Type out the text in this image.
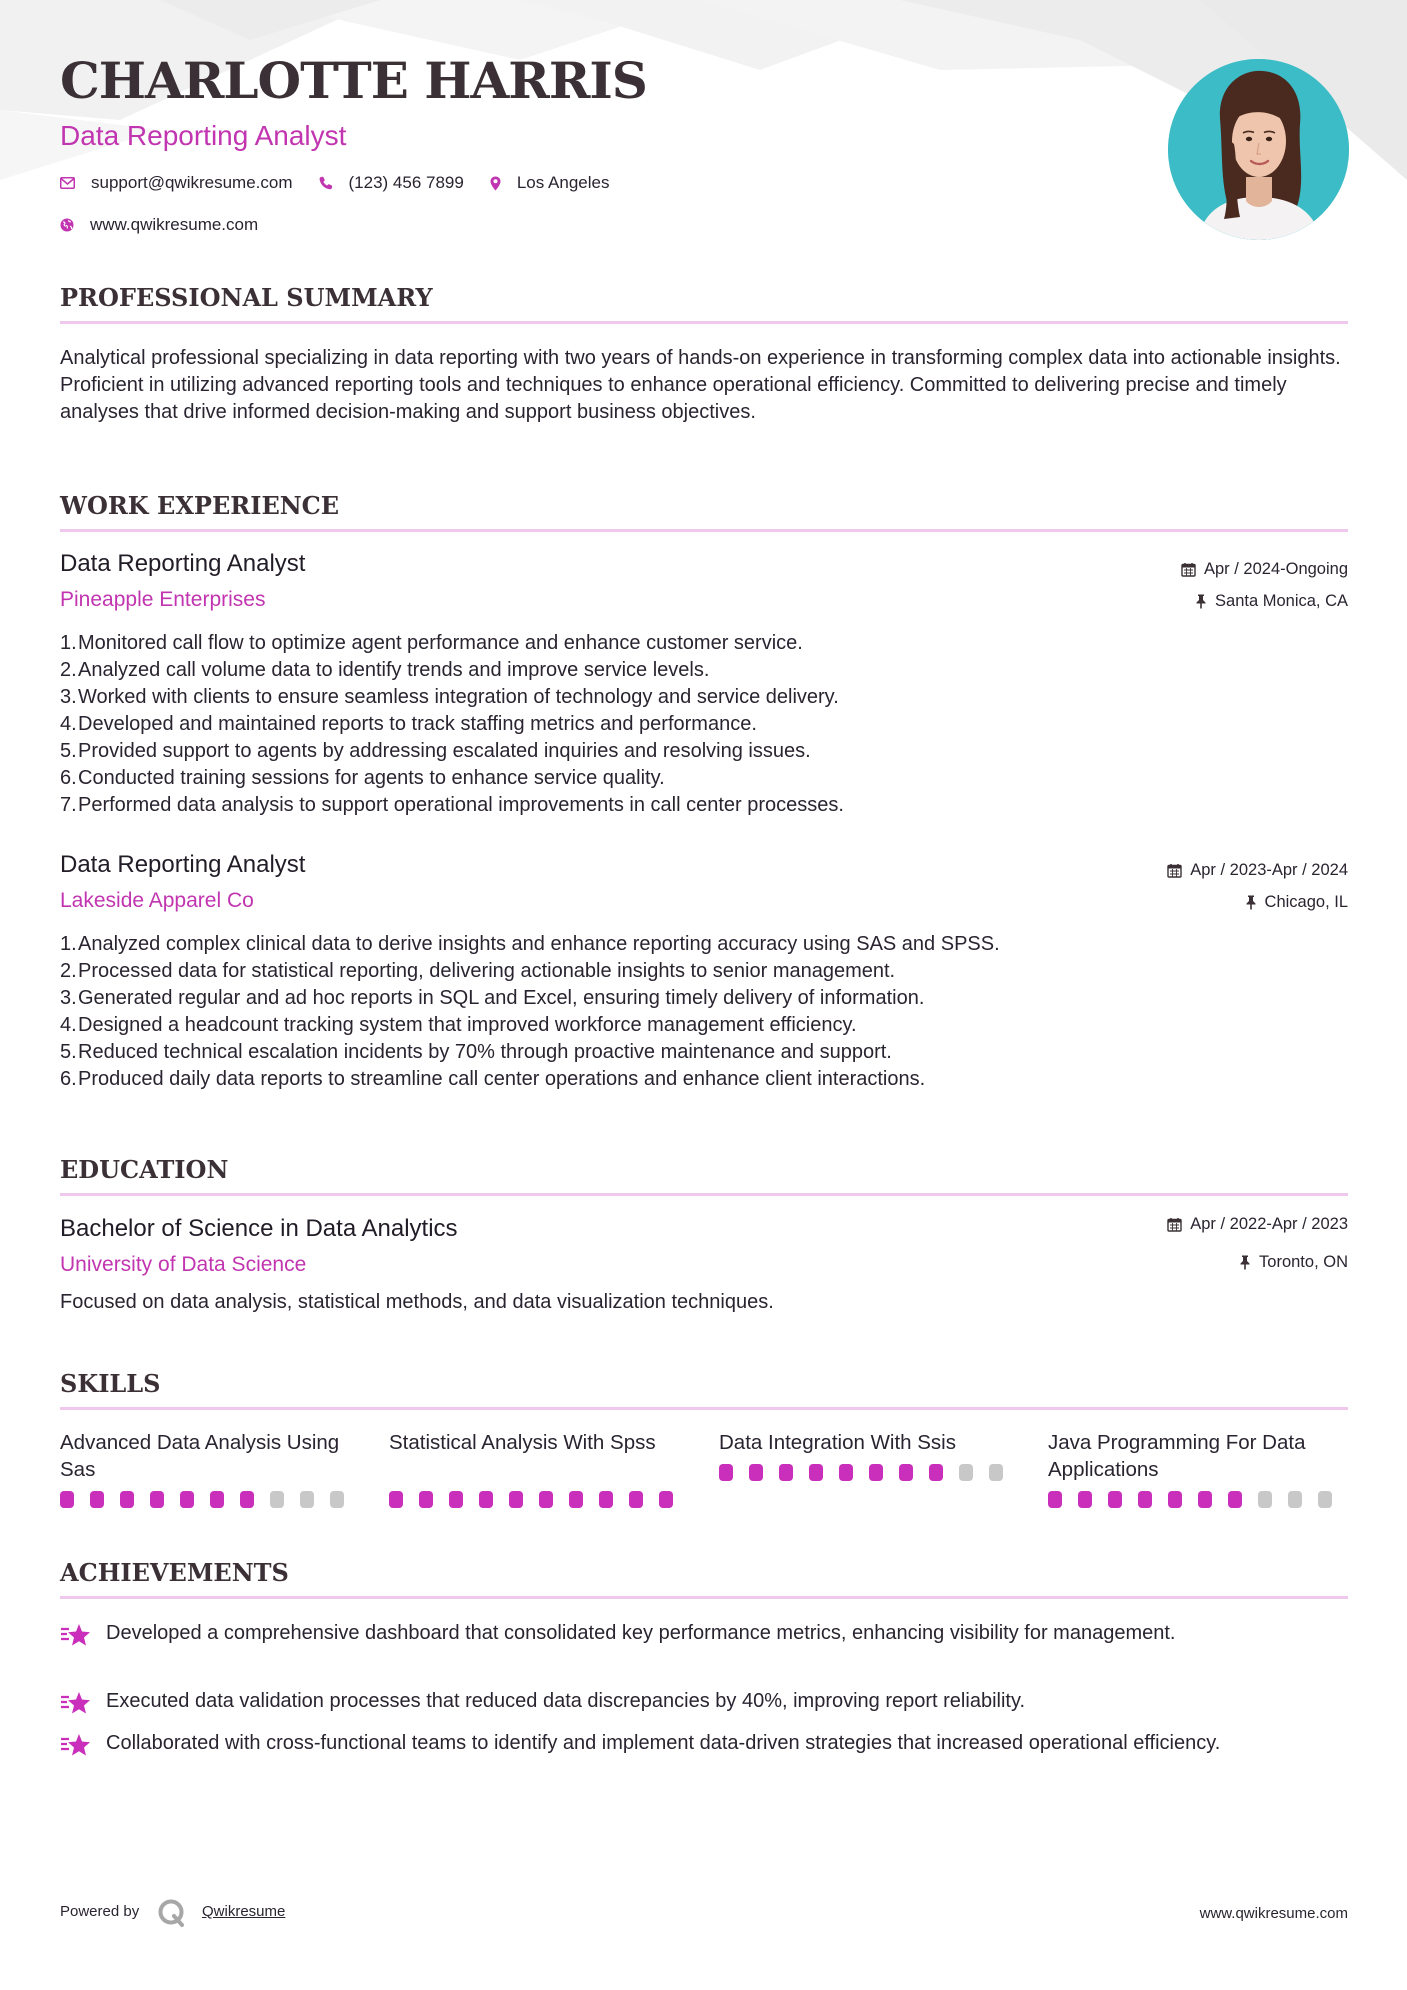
CHARLOTTE HARRIS
Data Reporting Analyst
support@qwikresume.com	(123) 456 7899	Los Angeles
www.qwikresume.com
PROFESSIONAL SUMMARY
Analytical professional specializing in data reporting with two years of hands-on experience in transforming complex data into actionable insights. Proficient in utilizing advanced reporting tools and techniques to enhance operational efficiency. Committed to delivering precise and timely analyses that drive informed decision-making and support business objectives.
WORK EXPERIENCE
Data Reporting Analyst
Pineapple Enterprises
Apr / 2024-Ongoing
Santa Monica, CA
1. Monitored call flow to optimize agent performance and enhance customer service.
2. Analyzed call volume data to identify trends and improve service levels.
3. Worked with clients to ensure seamless integration of technology and service delivery.
4. Developed and maintained reports to track staffing metrics and performance.
5. Provided support to agents by addressing escalated inquiries and resolving issues.
6. Conducted training sessions for agents to enhance service quality.
7. Performed data analysis to support operational improvements in call center processes.
Data Reporting Analyst
Lakeside Apparel Co
Apr / 2023-Apr / 2024
Chicago, IL
1. Analyzed complex clinical data to derive insights and enhance reporting accuracy using SAS and SPSS.
2. Processed data for statistical reporting, delivering actionable insights to senior management.
3. Generated regular and ad hoc reports in SQL and Excel, ensuring timely delivery of information.
4. Designed a headcount tracking system that improved workforce management efficiency.
5. Reduced technical escalation incidents by 70% through proactive maintenance and support.
6. Produced daily data reports to streamline call center operations and enhance client interactions.
EDUCATION
Bachelor of Science in Data Analytics
University of Data Science
Apr / 2022-Apr / 2023
Toronto, ON
Focused on data analysis, statistical methods, and data visualization techniques.
SKILLS
Advanced Data Analysis Using Sas
Statistical Analysis With Spss	Data Integration With Ssis	Java Programming For Data Applications
ACHIEVEMENTS
Developed a comprehensive dashboard that consolidated key performance metrics, enhancing visibility for management.
Executed data validation processes that reduced data discrepancies by 40%, improving report reliability.
Collaborated with cross-functional teams to identify and implement data-driven strategies that increased operational efficiency.
Powered by	Qwikresume	www.qwikresume.com
